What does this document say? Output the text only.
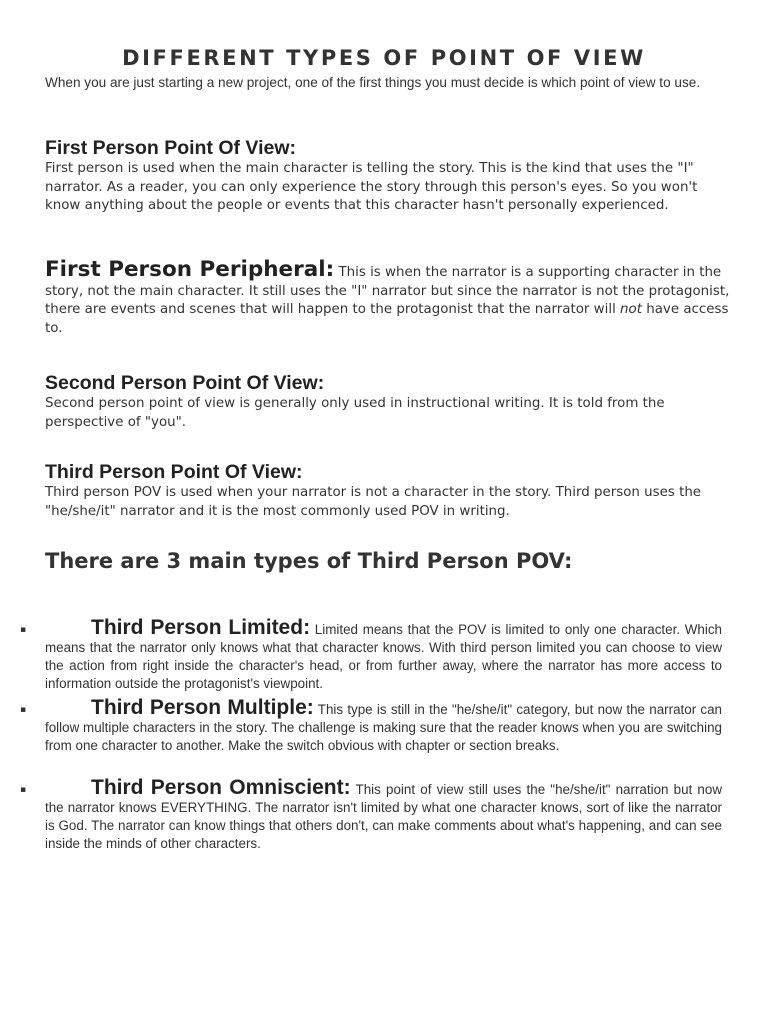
DIFFERENT TYPES OF POINT OF VIEW

When you are just starting a new project, one of the first things you must decide is which point of view to use.

First Person Point Of View:

First person is used when the main character is telling the story. This is the kind that uses the "I" narrator. As a reader, you can only experience the story through this person's eyes. So you won't know anything about the people or events that this character hasn't personally experienced.

First Person Peripheral: This is when the narrator is a supporting character in the story, not the main character. It still uses the "I" narrator but since the narrator is not the protagonist, there are events and scenes that will happen to the protagonist that the narrator will not have access to.

Second Person Point Of View:

Second person point of view is generally only used in instructional writing. It is told from the perspective of "you".

Third Person Point Of View:

Third person POV is used when your narrator is not a character in the story. Third person uses the "he/she/it" narrator and it is the most commonly used POV in writing.

There are 3 main types of Third Person POV:
▪	Third Person Limited: Limited means that the POV is limited to only one character. Which means that the narrator only knows what that character knows. With third person limited you can choose to view the action from right inside the character's head, or from further away, where the narrator has more access to information outside the protagonist's viewpoint.

▪	Third Person Multiple: This type is still in the "he/she/it" category, but now the narrator can follow multiple characters in the story. The challenge is making sure that the reader knows when you are switching from one character to another. Make the switch obvious with chapter or section breaks.

▪	Third Person Omniscient: This point of view still uses the "he/she/it" narration but now the narrator knows EVERYTHING. The narrator isn't limited by what one character knows, sort of like the narrator is God. The narrator can know things that others don't, can make comments about what's happening, and can see inside the minds of other characters.
